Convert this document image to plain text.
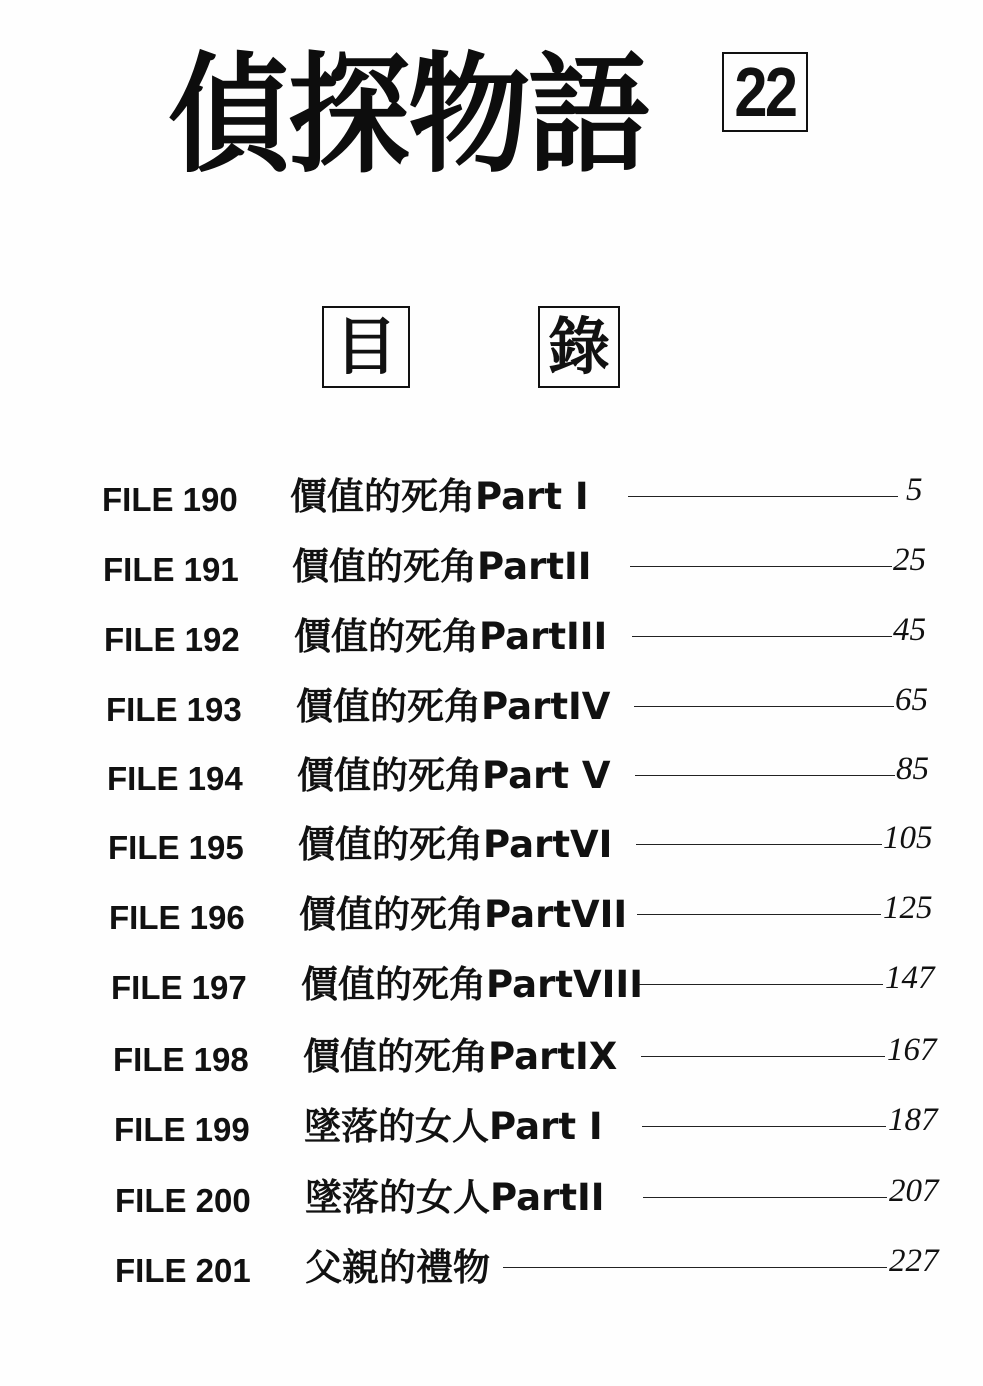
偵探物語 22
目 錄
FILE 190 價值的死角Part I	5
FILE 191 價值的死角PartII	25
FILE 192 價值的死角PartIII	45
FILE 193 價值的死角PartIV	65
FILE 194 價值的死角Part V	85
FILE 195 價值的死角PartVI	105
FILE 196 價值的死角PartVII	125
FILE 197 價值的死角PartVIII	147
FILE 198 價值的死角PartIX	167
FILE 199 墜落的女人Part I	187
FILE 200 墜落的女人PartII	207
FILE 201 父親的禮物	227
